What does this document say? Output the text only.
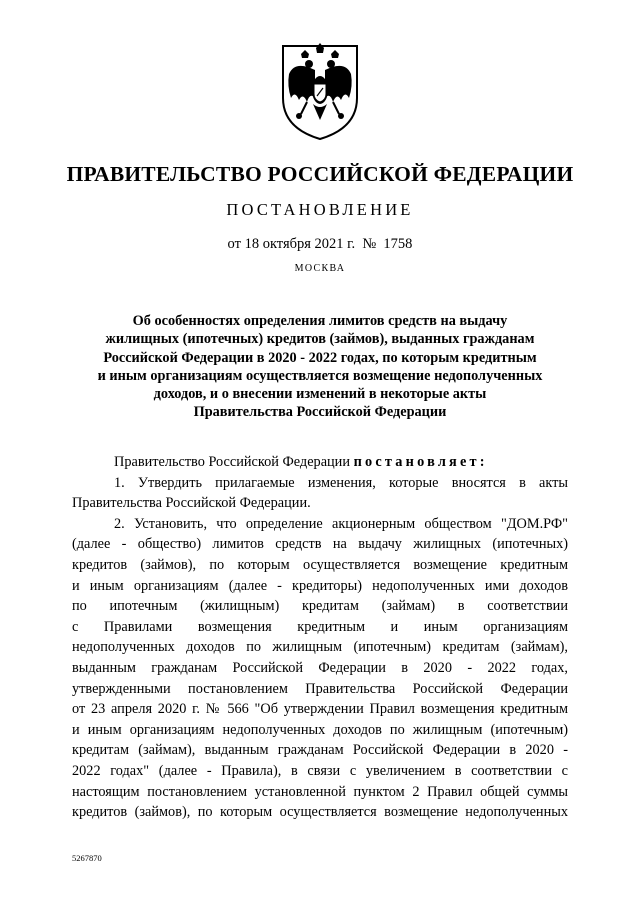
ПРАВИТЕЛЬСТВО РОССИЙСКОЙ ФЕДЕРАЦИИ
ПОСТАНОВЛЕНИЕ
от 18 октября 2021 г.  №  1758
МОСКВА
Об особенностях определения лимитов средств на выдачу
жилищных (ипотечных) кредитов (займов), выданных гражданам
Российской Федерации в 2020 - 2022 годах, по которым кредитным
и иным организациям осуществляется возмещение недополученных
доходов, и о внесении изменений в некоторые акты
Правительства Российской Федерации
Правительство Российской Федерации постановляет:
1. Утвердить прилагаемые изменения, которые вносятся в акты
Правительства Российской Федерации.
2. Установить, что определение акционерным обществом "ДОМ.РФ"
(далее - общество) лимитов средств на выдачу жилищных (ипотечных)
кредитов (займов), по которым осуществляется возмещение кредитным
и иным организациям (далее - кредиторы) недополученных ими доходов
по ипотечным (жилищным) кредитам (займам) в соответствии
с Правилами возмещения кредитным и иным организациям
недополученных доходов по жилищным (ипотечным) кредитам (займам),
выданным гражданам Российской Федерации в 2020 - 2022 годах,
утвержденными постановлением Правительства Российской Федерации
от 23 апреля 2020 г. № 566 "Об утверждении Правил возмещения кредитным
и иным организациям недополученных доходов по жилищным (ипотечным)
кредитам (займам), выданным гражданам Российской Федерации в 2020 -
2022 годах" (далее - Правила), в связи с увеличением в соответствии с
настоящим постановлением установленной пунктом 2 Правил общей суммы
кредитов (займов), по которым осуществляется возмещение недополученных
5267870
